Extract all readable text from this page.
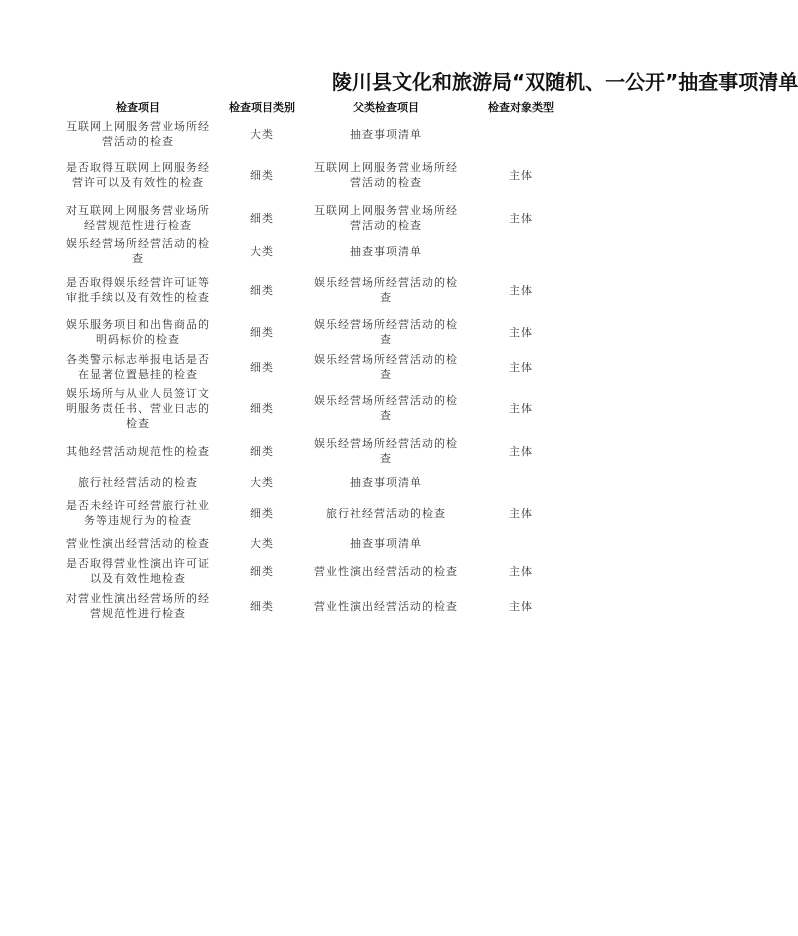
陵川县文化和旅游局“双随机、一公开”抽查事项清单
检查项目	检查项目类别	父类检查项目	检查对象类型

互联网上网服务营业场所经营活动的检查	大类	抽查事项清单	

是否取得互联网上网服务经营许可以及有效性的检查	细类	互联网上网服务营业场所经营活动的检查	主体

对互联网上网服务营业场所经营规范性进行检查	细类	互联网上网服务营业场所经营活动的检查	主体

娱乐经营场所经营活动的检查	大类	抽查事项清单	

是否取得娱乐经营许可证等审批手续以及有效性的检查	细类	娱乐经营场所经营活动的检查	主体

娱乐服务项目和出售商品的明码标价的检查	细类	娱乐经营场所经营活动的检查	主体

各类警示标志举报电话是否在显著位置悬挂的检查	细类	娱乐经营场所经营活动的检查	主体

娱乐场所与从业人员签订文明服务责任书、营业日志的检查	细类	娱乐经营场所经营活动的检查	主体

其他经营活动规范性的检查	细类	娱乐经营场所经营活动的检查	主体

旅行社经营活动的检查	大类	抽查事项清单	

是否未经许可经营旅行社业务等违规行为的检查	细类	旅行社经营活动的检查	主体

营业性演出经营活动的检查	大类	抽查事项清单	

是否取得营业性演出许可证以及有效性地检查	细类	营业性演出经营活动的检查	主体

对营业性演出经营场所的经营规范性进行检查	细类	营业性演出经营活动的检查	主体
